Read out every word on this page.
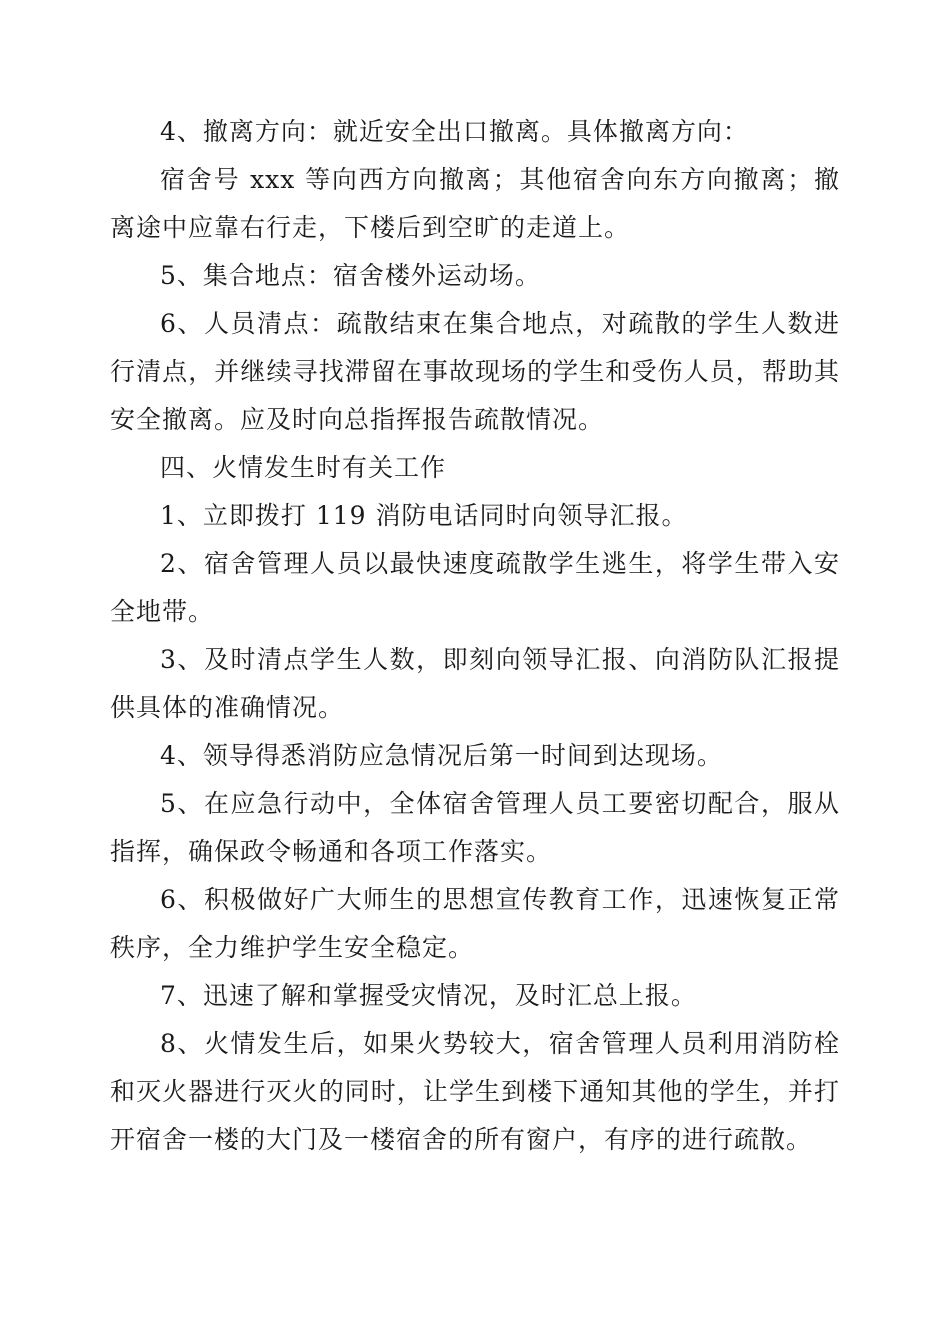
4、撤离方向：就近安全出口撤离。具体撤离方向：

宿舍号 xxx 等向西方向撤离；其他宿舍向东方向撤离；撤离途中应靠右行走，下楼后到空旷的走道上。

5、集合地点：宿舍楼外运动场。

6、人员清点：疏散结束在集合地点，对疏散的学生人数进行清点，并继续寻找滞留在事故现场的学生和受伤人员，帮助其安全撤离。应及时向总指挥报告疏散情况。

四、火情发生时有关工作

1、立即拨打 119 消防电话同时向领导汇报。

2、宿舍管理人员以最快速度疏散学生逃生，将学生带入安全地带。

3、及时清点学生人数，即刻向领导汇报、向消防队汇报提供具体的准确情况。

4、领导得悉消防应急情况后第一时间到达现场。

5、在应急行动中，全体宿舍管理人员工要密切配合，服从指挥，确保政令畅通和各项工作落实。

6、积极做好广大师生的思想宣传教育工作，迅速恢复正常秩序，全力维护学生安全稳定。

7、迅速了解和掌握受灾情况，及时汇总上报。

8、火情发生后，如果火势较大，宿舍管理人员利用消防栓和灭火器进行灭火的同时，让学生到楼下通知其他的学生，并打开宿舍一楼的大门及一楼宿舍的所有窗户，有序的进行疏散。
